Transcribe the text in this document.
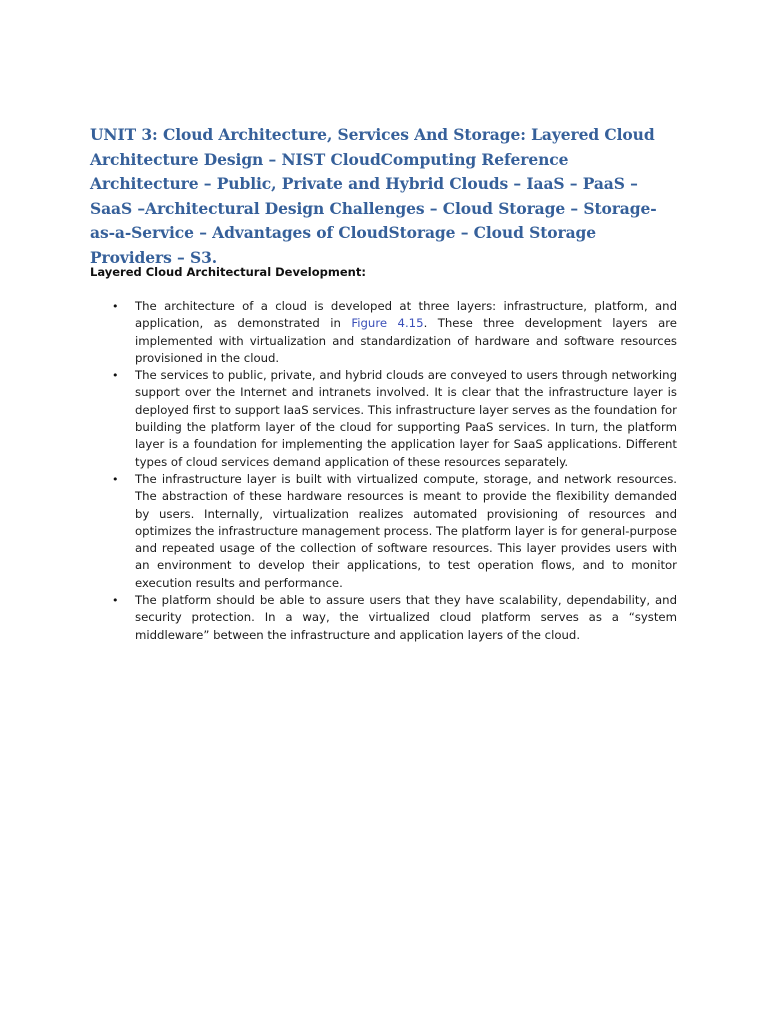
UNIT 3: Cloud Architecture, Services And Storage: Layered Cloud Architecture Design – NIST CloudComputing Reference Architecture – Public, Private and Hybrid Clouds – IaaS – PaaS – SaaS –Architectural Design Challenges – Cloud Storage – Storage-as-a-Service – Advantages of CloudStorage – Cloud Storage Providers – S3.

Layered Cloud Architectural Development:

• The architecture of a cloud is developed at three layers: infrastructure, platform, and application, as demonstrated in Figure 4.15. These three development layers are implemented with virtualization and standardization of hardware and software resources provisioned in the cloud.
• The services to public, private, and hybrid clouds are conveyed to users through networking support over the Internet and intranets involved. It is clear that the infrastructure layer is deployed first to support IaaS services. This infrastructure layer serves as the foundation for building the platform layer of the cloud for supporting PaaS services. In turn, the platform layer is a foundation for implementing the application layer for SaaS applications. Different types of cloud services demand application of these resources separately.
• The infrastructure layer is built with virtualized compute, storage, and network resources. The abstraction of these hardware resources is meant to provide the flexibility demanded by users. Internally, virtualization realizes automated provisioning of resources and optimizes the infrastructure management process. The platform layer is for general-purpose and repeated usage of the collection of software resources. This layer provides users with an environment to develop their applications, to test operation flows, and to monitor execution results and performance.
• The platform should be able to assure users that they have scalability, dependability, and security protection. In a way, the virtualized cloud platform serves as a “system middleware” between the infrastructure and application layers of the cloud.
